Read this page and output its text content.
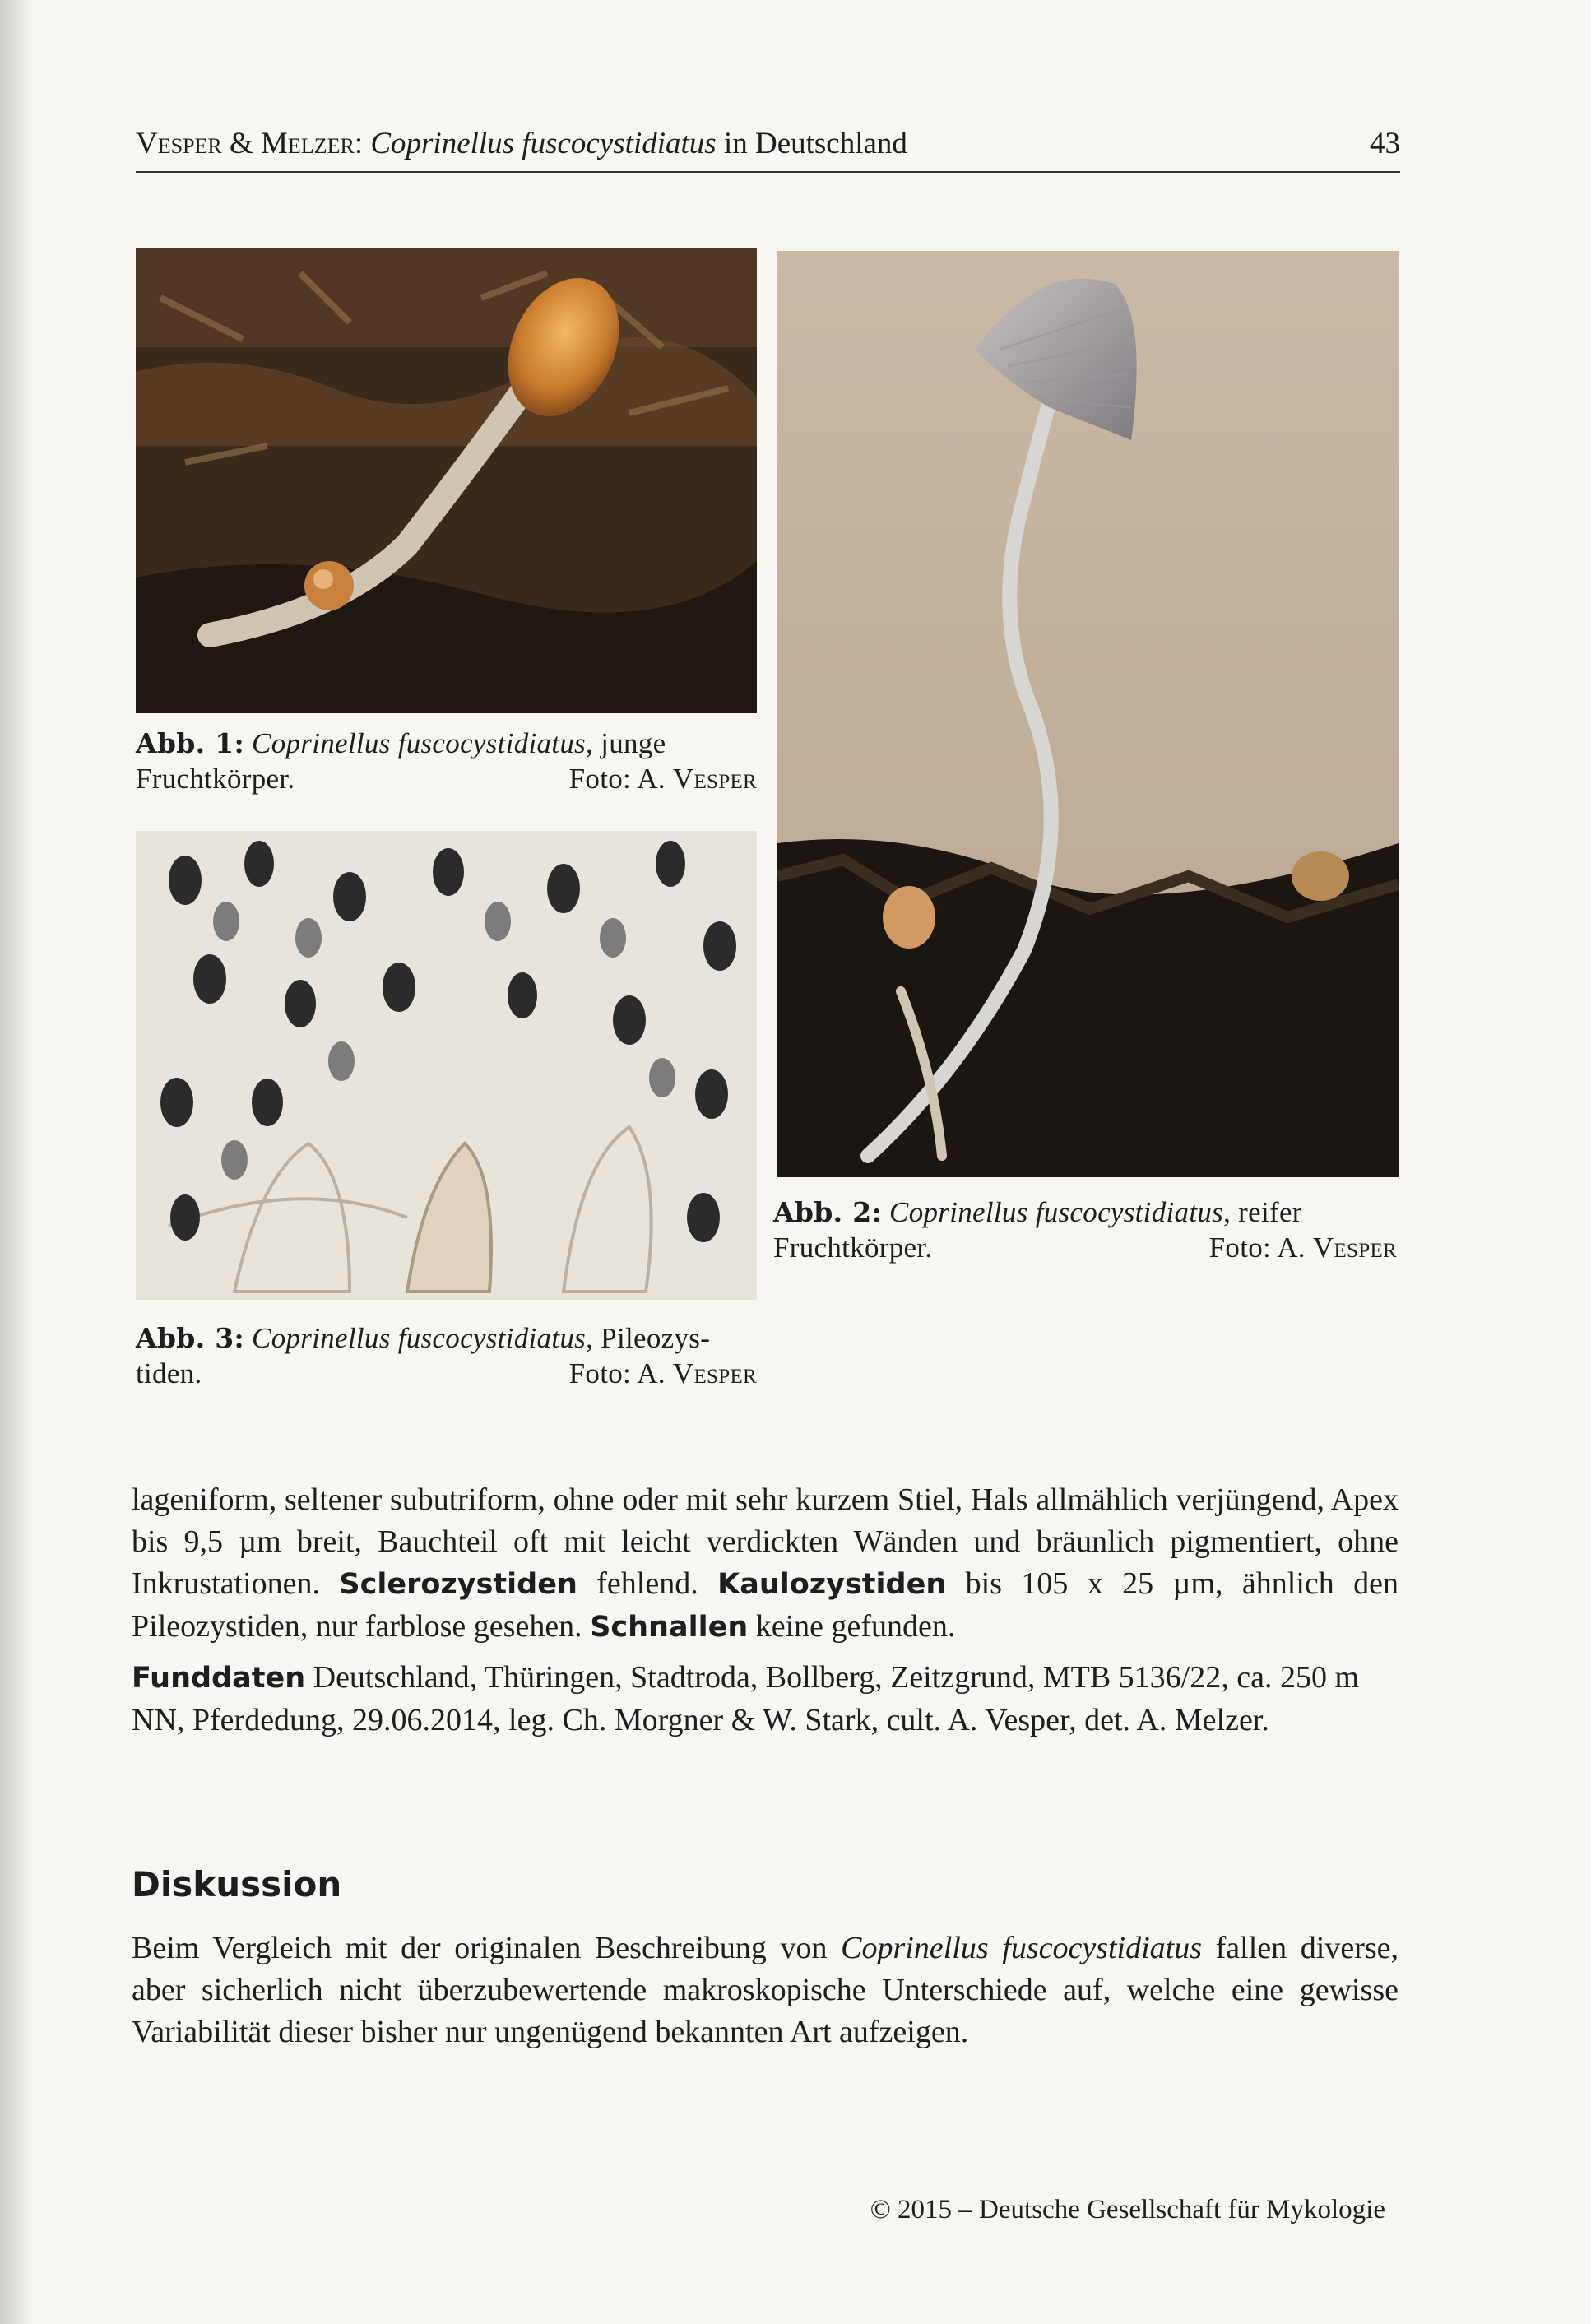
Vesper & Melzer: Coprinellus fuscocystidiatus in Deutschland	43
Abb. 1: Coprinellus fuscocystidiatus, junge Fruchtkörper.	Foto: A. Vesper
Abb. 2: Coprinellus fuscocystidiatus, reifer Fruchtkörper.	Foto: A. Vesper
Abb. 3: Coprinellus fuscocystidiatus, Pileozystiden.	Foto: A. Vesper

lageniform, seltener subutriform, ohne oder mit sehr kurzem Stiel, Hals allmählich verjüngend, Apex bis 9,5 µm breit, Bauchteil oft mit leicht verdickten Wänden und bräunlich pigmentiert, ohne Inkrustationen. Sclerozystiden fehlend. Kaulozystiden bis 105 x 25 µm, ähnlich den Pileozystiden, nur farblose gesehen. Schnallen keine gefunden.

Funddaten Deutschland, Thüringen, Stadtroda, Bollberg, Zeitzgrund, MTB 5136/22, ca. 250 m NN, Pferdedung, 29.06.2014, leg. Ch. Morgner & W. Stark, cult. A. Vesper, det. A. Melzer.

Diskussion

Beim Vergleich mit der originalen Beschreibung von Coprinellus fuscocystidiatus fallen diverse, aber sicherlich nicht überzubewertende makroskopische Unterschiede auf, welche eine gewisse Variabilität dieser bisher nur ungenügend bekannten Art aufzeigen.

© 2015 – Deutsche Gesellschaft für Mykologie
